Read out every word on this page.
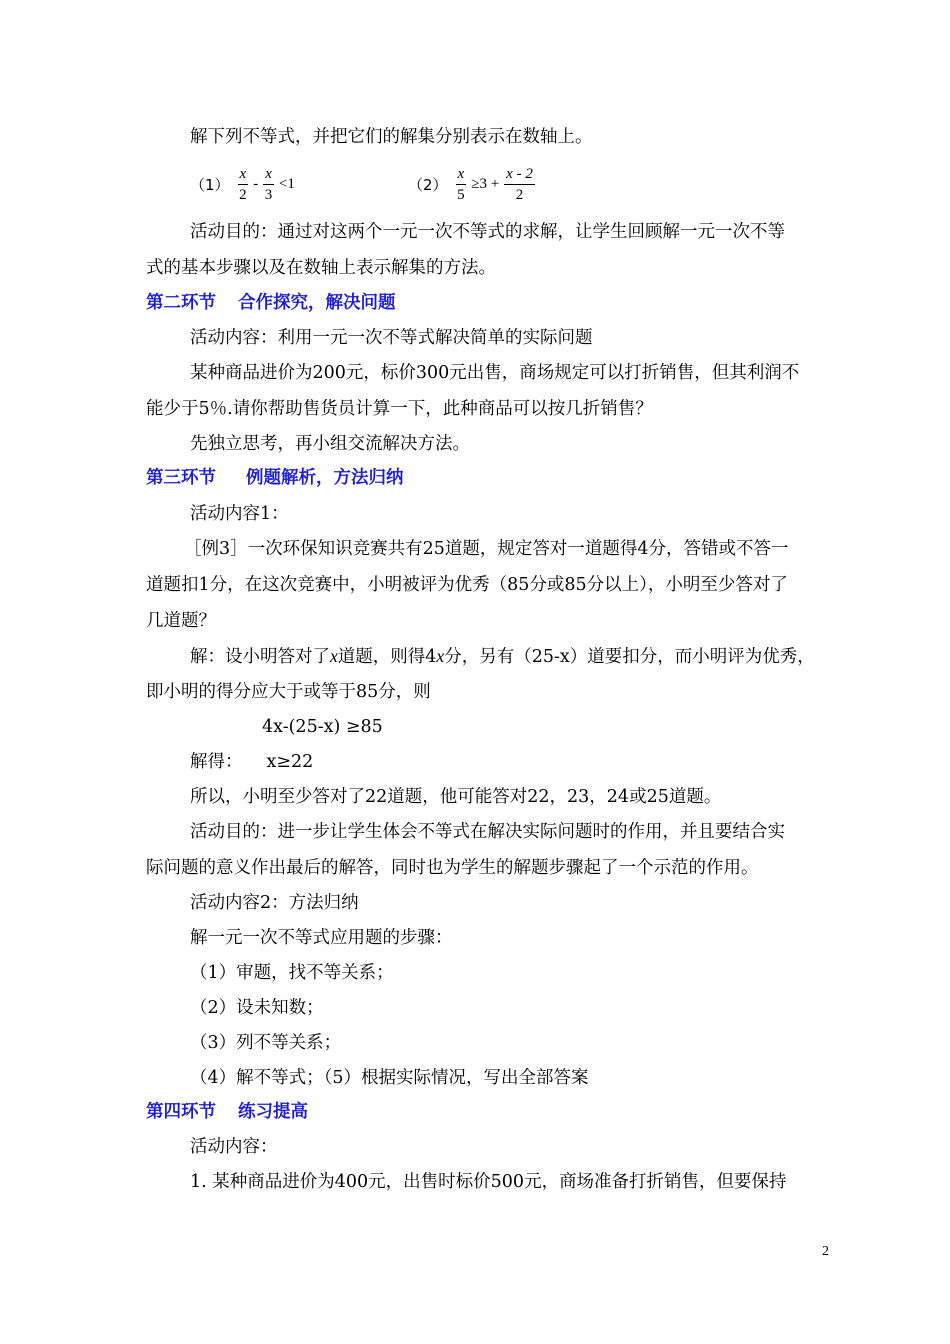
解下列不等式，并把它们的解集分别表示在数轴上。
$(1) \frac{x}{2} - \frac{x}{3} <1$	$(2) \frac{x}{5} \ge 3 + \frac{x - 2}{2}$
活动目的：通过对这两个一元一次不等式的求解，让学生回顾解一元一次不等
式的基本步骤以及在数轴上表示解集的方法。
第二环节 合作探究，解决问题
活动内容：利用一元一次不等式解决简单的实际问题
某种商品进价为200元，标价300元出售，商场规定可以打折销售，但其利润不
能少于5％.请你帮助售货员计算一下，此种商品可以按几折销售？
先独立思考，再小组交流解决方法。
第三环节 例题解析，方法归纳
活动内容1：
［例3］一次环保知识竞赛共有25道题，规定答对一道题得4分，答错或不答一
道题扣1分，在这次竞赛中，小明被评为优秀（85分或85分以上），小明至少答对了
几道题？
解：设小明答对了x道题，则得4x分，另有（25-x）道要扣分，而小明评为优秀，
即小明的得分应大于或等于85分，则
4x-(25-x) ≥85
解得： x≥22
所以，小明至少答对了22道题，他可能答对22，23，24或25道题。
活动目的：进一步让学生体会不等式在解决实际问题时的作用，并且要结合实
际问题的意义作出最后的解答，同时也为学生的解题步骤起了一个示范的作用。
活动内容2：方法归纳
解一元一次不等式应用题的步骤：
（1）审题，找不等关系；
（2）设未知数；
（3）列不等关系；
（4）解不等式；（5）根据实际情况，写出全部答案
第四环节 练习提高
活动内容：
1. 某种商品进价为400元，出售时标价500元，商场准备打折销售，但要保持
2
